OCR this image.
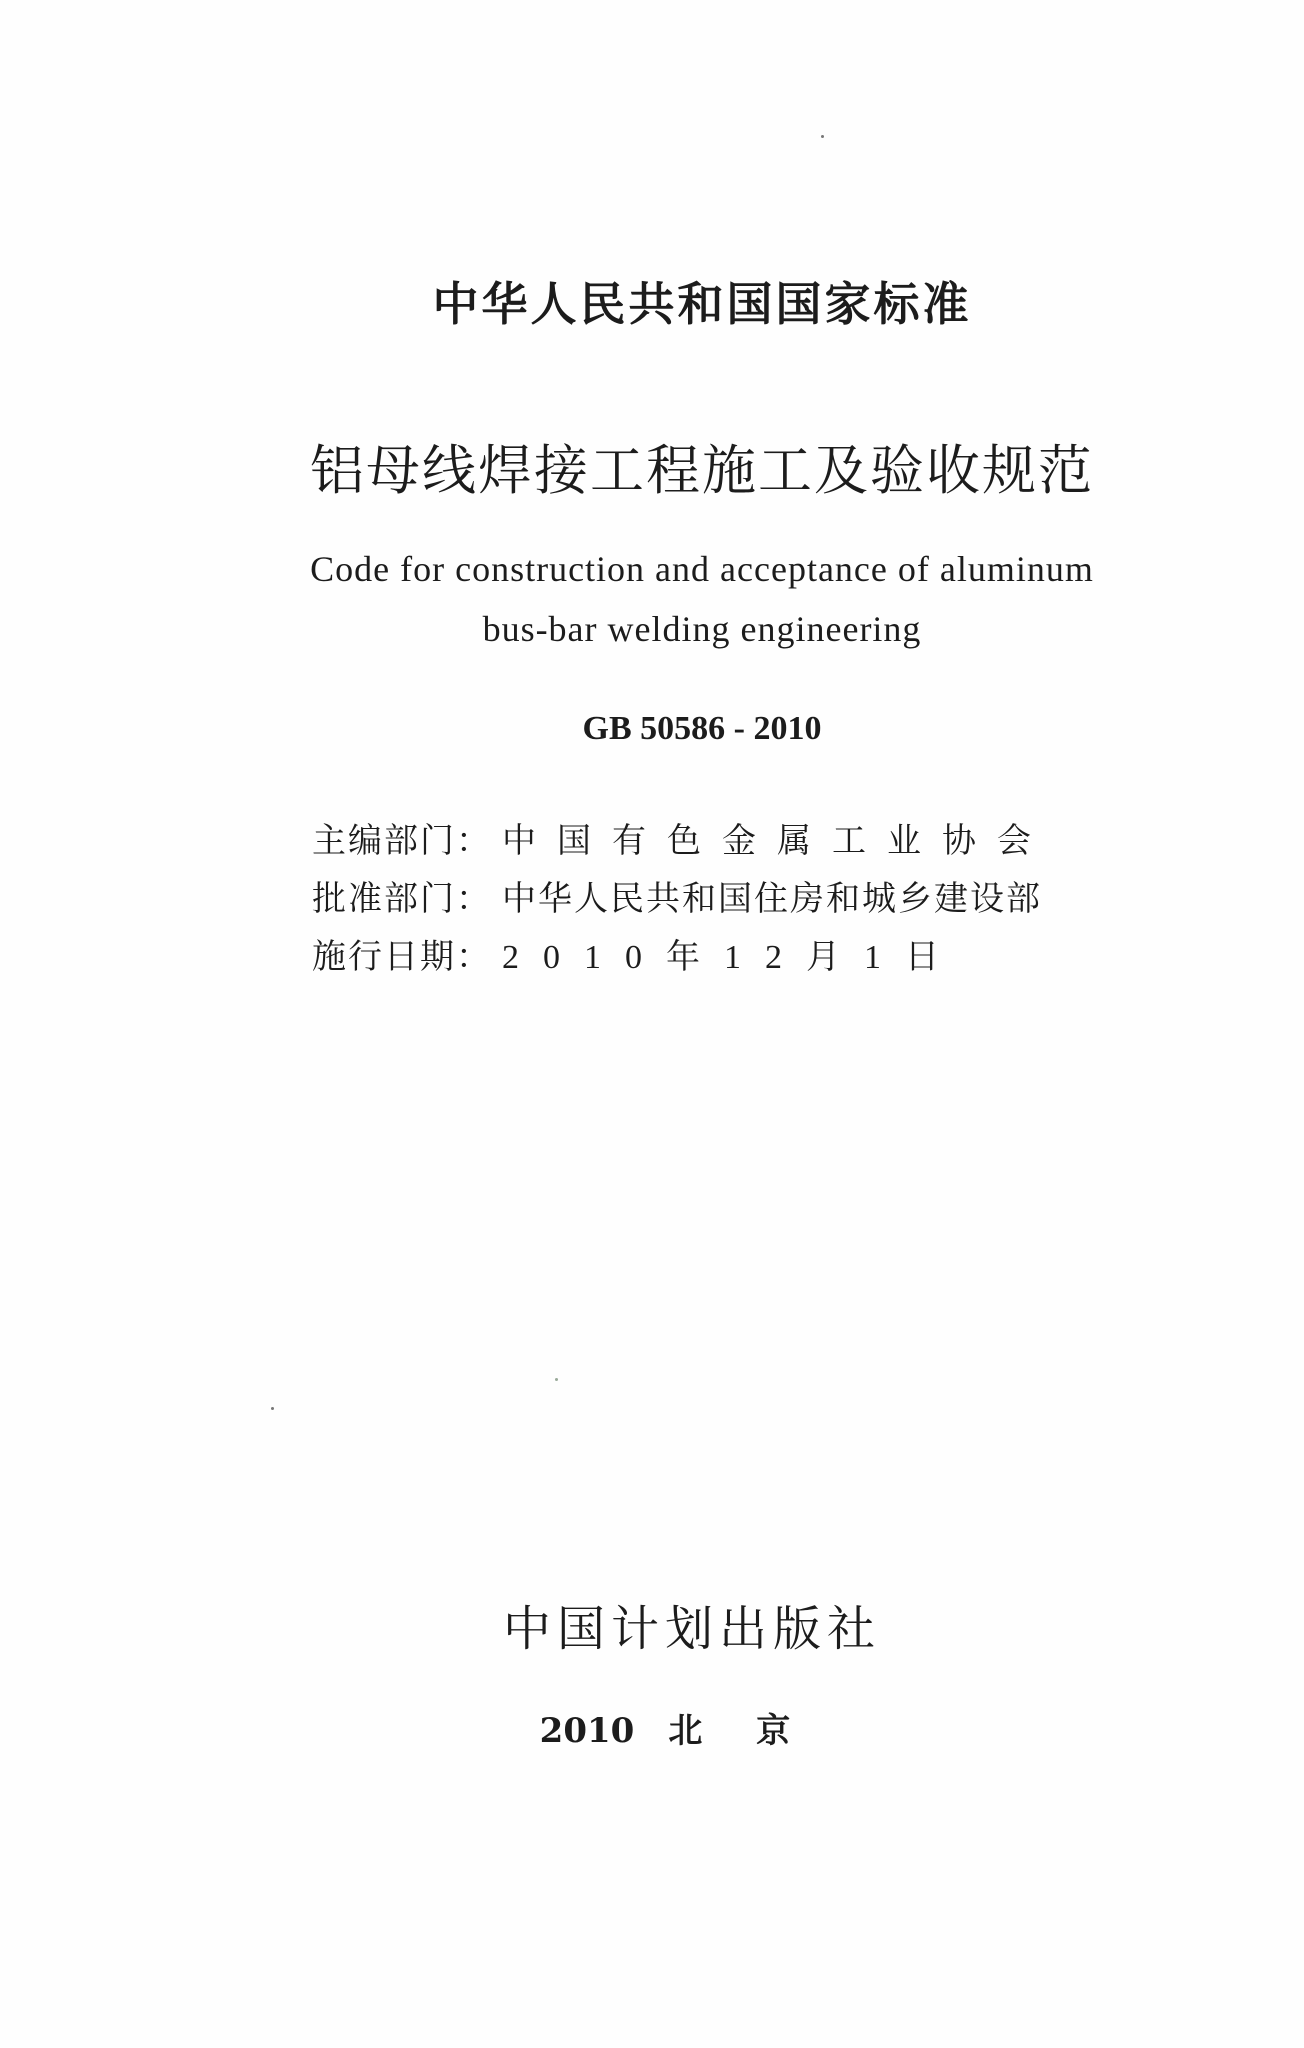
中华人民共和国国家标准
铝母线焊接工程施工及验收规范
Code for construction and acceptance of aluminum
bus-bar welding engineering
GB 50586 - 2010
主编部门： 中国有色金属工业协会
批准部门： 中华人民共和国住房和城乡建设部
施行日期： 2010年12月1日
中国计划出版社
2010 北京
